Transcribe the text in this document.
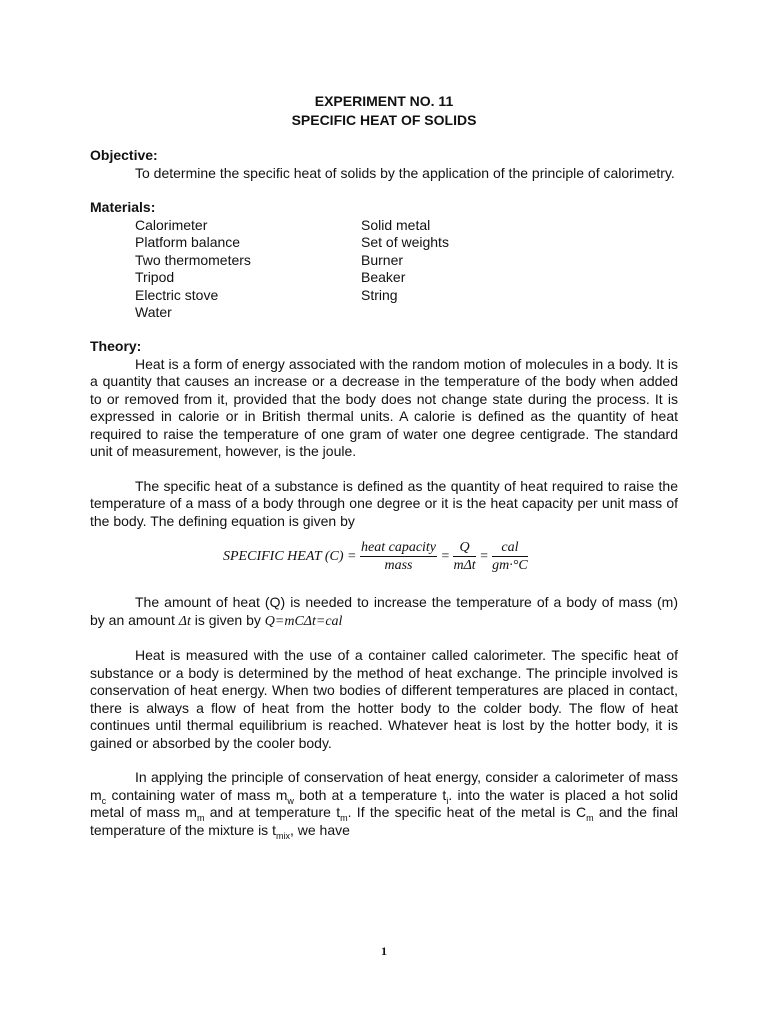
EXPERIMENT NO. 11
SPECIFIC HEAT OF SOLIDS
Objective:

To determine the specific heat of solids by the application of the principle of calorimetry.

Materials:
Calorimeter	Solid metal
Platform balance	Set of weights
Two thermometers	Burner
Tripod	Beaker
Electric stove	String
Water	
Theory:

Heat is a form of energy associated with the random motion of molecules in a body. It is a quantity that causes an increase or a decrease in the temperature of the body when added to or removed from it, provided that the body does not change state during the process. It is expressed in calorie or in British thermal units. A calorie is defined as the quantity of heat required to raise the temperature of one gram of water one degree centigrade. The standard unit of measurement, however, is the joule.

The specific heat of a substance is defined as the quantity of heat required to raise the temperature of a mass of a body through one degree or it is the heat capacity per unit mass of the body. The defining equation is given by

SPECIFIC HEAT $(C) = \frac{\text{heat capacity}}{\text{mass}} = \frac{Q}{\text{mΔt}} = \frac{\text{cal}}{gm\cdot^\circ C}$

The amount of heat (Q) is needed to increase the temperature of a body of mass (m) by an amount Δt is given by Q=mCΔt=cal

Heat is measured with the use of a container called calorimeter. The specific heat of substance or a body is determined by the method of heat exchange. The principle involved is conservation of heat energy. When two bodies of different temperatures are placed in contact, there is always a flow of heat from the hotter body to the colder body. The flow of heat continues until thermal equilibrium is reached. Whatever heat is lost by the hotter body, it is gained or absorbed by the cooler body.

In applying the principle of conservation of heat energy, consider a calorimeter of mass $m_c$ containing water of mass $m_w$ both at a temperature $t_i$. into the water is placed a hot solid metal of mass $m_m$ and at temperature $t_m$. If the specific heat of the metal is $C_m$ and the final temperature of the mixture is $t_{mix}$, we have

1
